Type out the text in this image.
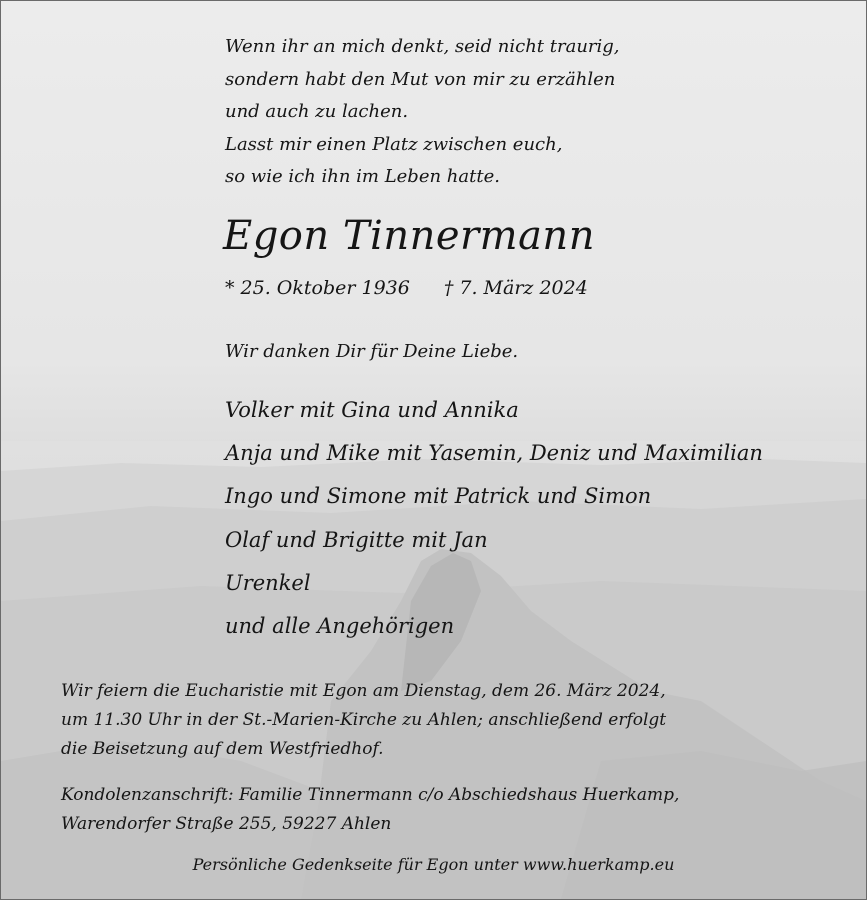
Wenn ihr an mich denkt, seid nicht traurig,
sondern habt den Mut von mir zu erzählen
und auch zu lachen.
Lasst mir einen Platz zwischen euch,
so wie ich ihn im Leben hatte.
Egon Tinnermann
* 25. Oktober 1936 † 7. März 2024
Wir danken Dir für Deine Liebe.
Volker mit Gina und Annika
Anja und Mike mit Yasemin, Deniz und Maximilian
Ingo und Simone mit Patrick und Simon
Olaf und Brigitte mit Jan
Urenkel
und alle Angehörigen
Wir feiern die Eucharistie mit Egon am Dienstag, dem 26. März 2024,
um 11.30 Uhr in der St.-Marien-Kirche zu Ahlen; anschließend erfolgt
die Beisetzung auf dem Westfriedhof.
Kondolenzanschrift: Familie Tinnermann c/o Abschiedshaus Huerkamp,
Warendorfer Straße 255, 59227 Ahlen
Persönliche Gedenkseite für Egon unter www.huerkamp.eu
